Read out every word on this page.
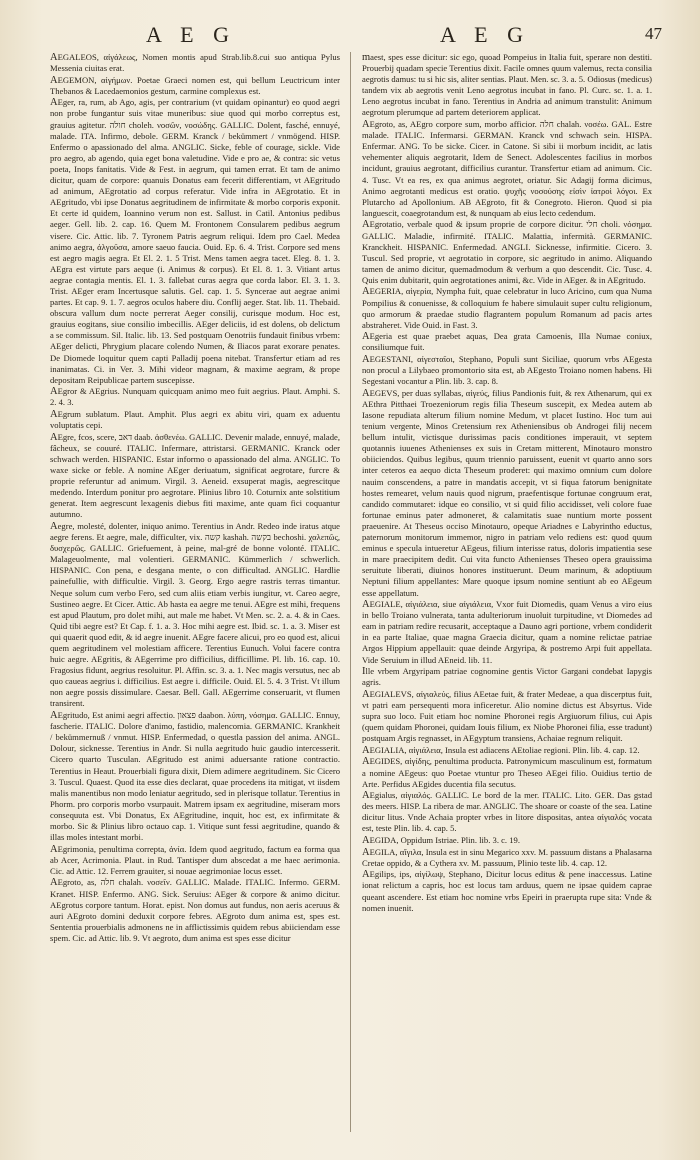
A E G	A E G	47

AEGALEOS, αἰγάλεως, Nomen montis apud Strab.lib.8.cui suo antiqua Pylus Messenia ciuitas erat.

AEGEMON, αἰγήμων. Poetae Graeci nomen est, qui bellum Leuctricum inter Thebanos & Lacedaemonios gestum, carmine complexus est.

AEger, ra, rum, ab Ago, agis, per contrarium (vt quidam opinantur) eo quod aegri non probe fungantur suis vitae muneribus: siue quod qui morbo correptus est, grauius agitetur. חולה choleh. νοσῶν, νοσώδης. GALLIC. Dolent, fasché, ennuyé, malade. ITA. Infirmo, debole. GERM. Kranck / bekümmert / vnmögend. HISP. Enfermo o apassionado del alma. ANGLIC. Sicke, feble of courage, sickle. Vide pro aegro, ab agendo, quia eget bona valetudine. Vide e pro ae, & contra: sic vetus poeta, Inops fanitatis. Vide & Fest. in aegrum, qui tamen errat. Et tam de animo dicitur, quam de corpore: quanuis Donatus eam fecerit differentiam, vt AEgritudo ad animum, AEgrotatio ad corpus referatur. Vide infra in AEgrotatio. Et in AEgritudo, vbi ipse Donatus aegritudinem de infirmitate & morbo corporis exponit. Et certe id quidem, Ioannino verum non est. Sallust. in Catil. Antonius pedibus aeger. Gell. lib. 2. cap. 16. Quem M. Frontonem Consularem pedibus aegrum visere. Cic. Attic. lib. 7. Tyronem Patris aegrum reliqui. Idem pro Cael. Medea animo aegra, ἀλγοῦσα, amore saeuo faucia. Ouid. Ep. 6. 4. Trist. Corpore sed mens est aegro magis aegra. Et El. 2. 1. 5 Trist. Mens tamen aegra tacet. Eleg. 8. 1. 3. AEgra est virtute pars aeque (i. Animus & corpus). Et El. 8. 1. 3. Vitiant artus aegrae contagia mentis. El. 1. 3. fallebat curas aegra que corda labor. El. 3. 1. 3. Trist. AEger eram Incertusque salutis. Gel. cap. 1. 5. Syncerae aut aegrae animi partes. Et cap. 9. 1. 7. aegros oculos habere diu. Conflij aeger. Stat. lib. 11. Thebaid. obscura vallum dum nocte perrerat Aeger consilij, curisque modum. Hoc est, grauius eogitans, siue consilio imbecillis. AEger deliciis, id est dolens, ob delictum a se commissum. Sil. Italic. lib. 13. Sed postquam Oenotriis fundauit finibus vrbem: AEger delicti, Phrygium placare colendo Numen, & Iliacos parat exorare penates. De Diomede loquitur quem capti Palladij poena nitebat. Transfertur etiam ad res inanimatas. Ci. in Ver. 3. Mihi videor magnam, & maxime aegram, & prope depositam Reipublicae partem suscepisse.

AEgror & AEgrius. Nunquam quicquam animo meo fuit aegrius. Plaut. Amphi. S. 2. 4. 3.

AEgrum sublatum. Plaut. Amphit. Plus aegri ex abitu viri, quam ex aduentu voluptatis cepi.

AEgre, fcos, scere, דאב daab. ἀσθενέω. GALLIC. Devenir malade, ennuyé, malade, fâcheux, se couuré. ITALIC. Infermare, attristarsi. GERMANIC. Kranck oder schwach werden. HISPANIC. Estar informo o apassionado del alma. ANGLIC. To waxe sicke or feble. A nomine AEger deriuatum, significat aegrotare, furcre & proprie referuntur ad animum. Virgil. 3. Aeneid. exsuperat magis, aegrescitque medendo. Interdum ponitur pro aegrotare. Plinius libro 10. Coturnix ante solstitium generat. Item aegrescunt lexagenis diebus fiti maxime, ante quam fici coquantur autumno.

Aegre, molesté, dolenter, iniquo animo. Terentius in Andr. Redeo inde iratus atque aegre ferens. Et aegre, male, difficulter, vix. קשה kashah. בקשה bechoshi. χαλεπῶς, δυσχερῶς. GALLIC. Griefuement, à peine, mal-gré de bonne volonté. ITALIC. Malageuolmente, mal volentieri. GERMANIC. Kümmerlich / schwerlich. HISPANIC. Con pena, e desgana mente, o con difficultad. ANGLIC. Hardlie painefullie, with difficultie. Virgil. 3. Georg. Ergo aegre rastris terras timantur. Neque solum cum verbo Fero, sed cum aliis etiam verbis iungitur, vt. Careo aegre, Sustineo aegre. Et Cicer. Attic. Ab hasta ea aegre me tenui. AEgre est mihi, frequens est apud Plautum, pro dolet mihi, aut male me habet. Vt Men. sc. 2. a. 4. & in Caes. Quid tibi aegre est? Et Cap. f. 1. a. 3. Hoc mihi aegre est. Ibid. sc. 1. a. 3. Miser est qui quaerit quod edit, & id aegre inuenit. AEgre facere alicui, pro eo quod est, alicui quem aegritudinem vel molestiam afficere. Terentius Eunuch. Volui facere contra huic aegre. AEgritis, & AEgerrime pro difficilius, difficillime. Pl. lib. 16. cap. 10. Fragosius fidunt, aegrius resoluitur. Pl. Affin. sc. 3. a. 1. Nec magis versutus, nec ab quo caueas aegrius i. difficilius. Est aegre i. difficile. Ouid. El. 5. 4. 3 Trist. Vt illum non aegre possis dissimulare. Caesar. Bell. Gall. AEgerrime conseruarit, vt flumen transirent.

AEgritudo, Est animi aegri affectio. פצאון daabon. λύπη, νόσημα. GALLIC. Ennuy, fascherie. ITALIC. Dolore d'animo, fastidio, malencomia. GERMANIC. Krankheit / bekümmernuß / vnmut. HISP. Enfermedad, o questla passion del anima. ANGL. Dolour, sicknesse. Terentius in Andr. Si nulla aegritudo huic gaudio intercesserit. Cicero quarto Tusculan. AEgritudo est animi aduersante ratione contractio. Terentius in Heaut. Prouerbiali figura dixit, Diem adimere aegritudinem. Sic Cicero 3. Tuscul. Quaest. Quod ita esse dies declarat, quae procedens ita mitigat, vt iisdem malis manentibus non modo leniatur aegritudo, sed in plerisque tollatur. Terentius in Phorm. pro corporis morbo vsurpauit. Matrem ipsam ex aegritudine, miseram mors consequuta est. Vbi Donatus, Ex AEgritudine, inquit, hoc est, ex infirmitate & morbo. Sic & Plinius libro octauo cap. 1. Vitique sunt fessi aegritudine, quando & illas moles intestant morbi.

AEgrimonia, penultima correpta, ἀνία. Idem quod aegritudo, factum ea forma qua ab Acer, Acrimonia. Plaut. in Rud. Tantisper dum abscedat a me haec aerimonia. Cic. ad Attic. 12. Ferrem grauiter, si nouae aegrimoniae locus esset.

AEgroto, as, חלה chalah. νοσεῖν. GALLIC. Malade. ITALIC. Infermo. GERM. Kranet. HISP. Enfermo. ANG. Sick. Seruius: AEger & corpore & animo dicitur. AEgrotus corpore tantum. Horat. epist. Non domus aut fundus, non aeris aceruus & auri AEgroto domini deduxit corpore febres. AEgroto dum anima est, spes est. Sententia prouerbialis admonens ne in afflictissimis quidem rebus abiiciendam esse spem. Cic. ad Attic. lib. 9. Vt aegroto, dum anima est spes esse dicitur

maest, spes esse dicitur: sic ego, quoad Pompeius in Italia fuit, sperare non destiti. Prouerbij quadam specie Terentius dixit. Facile omnes quum valemus, recta consilia aegrotis damus: tu si hic sis, aliter sentias. Plaut. Men. sc. 3. a. 5. Odiosus (medicus) tandem vix ab aegrotis venit Leno aegrotus incubat in fano. Pl. Curc. sc. 1. a. 1. Leno aegrotus incubat in fano. Terentius in Andria ad animum transtulit: Animum aegrotum plerumque ad partem deteriorem applicat.

AEgroto, as, AEgro corpore sum, morbo afficior. חלה chalah. νοσέω. GAL. Estre malade. ITALIC. Infermarsi. GERMAN. Kranck vnd schwach sein. HISPA. Enfermar. ANG. To be sicke. Cicer. in Catone. Si sibi ii morbum incidit, ac latis vehementer aliquis aegrotarit, Idem de Senect. Adolescentes facilius in morbos incidunt, grauius aegrotant, difficilius curantur. Transfertur etiam ad animum. Cic. 4. Tusc. Vt ea res, ex qua animus aegrotet, oriatur. Sic Adagij forma dicimus, Animo aegrotanti medicus est oratio. ψυχῆς νοσούσης εἰσὶν ἰατροὶ λόγοι. Ex Plutarcho ad Apollonium. AB AEgroto, fit & Conegroto. Hieron. Quod si pia languescit, coaegrotandum est, & nunquam ab eius lecto cedendum.

AEgrotatio, verbale quod & ipsum proprie de corpore dicitur. חלי choli. νόσημα. GALLIC. Maladie, infirmité. ITALIC. Malattia, infermità. GERMANIC. Kranckheit. HISPANIC. Enfermedad. ANGLI. Sicknesse, infirmitie. Cicero. 3. Tuscul. Sed proprie, vt aegrotatio in corpore, sic aegritudo in animo. Aliquando tamen de animo dicitur, quemadmodum & verbum a quo descendit. Cic. Tusc. 4. Quis enim dubitarit, quin aegrotationes animi, &c. Vide in AEger. & in AEgritudo.

AEGERIA, αἰγερία, Nympha fuit, quae celebratur in luco Aricino, cum qua Numa Pompilius & conuenisse, & colloquium fe habere simulauit super cultu religionum, quo armorum & praedae studio flagrantem populum Romanum ad pacis artes abstraheret. Vide Ouid. in Fast. 3.

AEgeria est quae praebet aquas, Dea grata Camoenis, Illa Numae coniux, consiliumque fuit.

AEGESTANI, αἰγεσταῖοι, Stephano, Populi sunt Siciliae, quorum vrbs AEgesta non procul a Lilybaeo promontorio sita est, ab AEgesto Troiano nomen habens. Hi Segestani vocantur a Plin. lib. 3. cap. 8.

AEGEVS, per duas syllabas, αἰγεύς, filius Pandionis fuit, & rex Athenarum, qui ex AEthra Pitthaei Troezeniorum regis filia Theseum suscepit, ex Medea autem ab Iasone repudiata alterum filium nomine Medum, vt placet Iustino. Hoc tum aui tenium vergente, Minos Cretensium rex Atheniensibus ob Androgei filij necem bellum intulit, victisque durissimas pacis conditiones imperauit, vt septem quotannis iuuenes Athenienses ex suis in Cretam mitterent, Minotauro monstro obiiciendos. Quibus legibus, quum triennio paruissent, euenit vt quarto anno sors inter ceteros ea aequo dicta Theseum proderet: qui maximo omnium cum dolore nauim conscendens, a patre in mandatis accepit, vt si fiqua fatorum benignitate hostes remearet, velum nauis quod nigrum, praefentisque fortunae congruum erat, candido commutaret: idque eo consilio, vt si quid filio accidisset, veli colore fuae fortunae eminus pater admoneret, & calamitatis suae nuntium morte possent praeuenire. At Theseus occiso Minotauro, opeque Ariadnes e Labyrintho eductus, paternorum monitorum immemor, nigro in patriam velo rediens est: quod quum eminus e specula intueretur AEgeus, filium interisse ratus, doloris impatientia sese in mare praecipitem dedit. Cui vita functo Athenienses Theseo opera grauissima seruitute liberati, diuinos honores instituerunt. Deum marinum, & adoptiuum Neptuni filium appellantes: Mare quoque ipsum nomine sentiunt ab eo AEgeum esse appellatum.

AEGIALE, αἰγιάλεια, siue αἰγιάλεια, Vxor fuit Diomedis, quam Venus a viro eius in bello Troiano vulnerata, tanta adulteriorum inuoluit turpitudine, vt Diomedes ad eam in patriam redire recusarit, acceptaque a Dauno agri portione, vrbem condiderit in ea parte Italiae, quae magna Graecia dicitur, quam a nomine relictae patriae Argos Hippium appellauit: quae deinde Argyripa, & postremo Arpi fuit appellata. Vide Seruium in illud AEneid. lib. 11.

Ille vrbem Argyripam patriae cognomine gentis Victor Gargani condebat Iapygis agris.

AEGIALEVS, αἰγιαλεύς, filius AEetae fuit, & frater Medeae, a qua discerptus fuit, vt patri eam persequenti mora inficeretur. Alio nomine dictus est Absyrtus. Vide supra suo loco. Fuit etiam hoc nomine Phoronei regis Argiuorum filius, cui Apis (quem quidam Phoronei, quidam Iouis filium, ex Niobe Phoronei filia, esse tradunt) postquam Argis regnasset, in AEgyptum transiens, Achaiae regnum reliquit.

AEGIALIA, αἰγιάλεια, Insula est adiacens AEtoliae regioni. Plin. lib. 4. cap. 12.

AEGIDES, αἰγίδης, penultima producta. Patronymicum masculinum est, formatum a nomine AEgeus: quo Poetae vtuntur pro Theseo AEgei filio. Ouidius tertio de Arte. Perfidus AEgides ducentia fila secutus.

AEgialus, αἰγιαλός. GALLIC. Le bord de la mer. ITALIC. Lito. GER. Das gstad des meers. HISP. La ribera de mar. ANGLIC. The shoare or coaste of the sea. Latine dicitur litus. Vnde Achaia propter vrbes in litore dispositas, antea αἰγιαλός vocata est, teste Plin. lib. 4. cap. 5.

AEGIDA, Oppidum Istriae. Plin. lib. 3. c. 19.

AEGILA, αἴγιλα, Insula est in sinu Megarico xxv. M. passuum distans a Phalasarna Cretae oppido, & a Cythera xv. M. passuum, Plinio teste lib. 4. cap. 12.

AEgilips, ips, αἰγίλωψ, Stephano, Dicitur locus editus & pene inaccessus. Latine ionat relictum a capris, hoc est locus tam arduus, quem ne ipsae quidem caprae queant ascendere. Est etiam hoc nomine vrbs Epeiri in praerupta rupe sita: Vnde & nomen inuenit.
